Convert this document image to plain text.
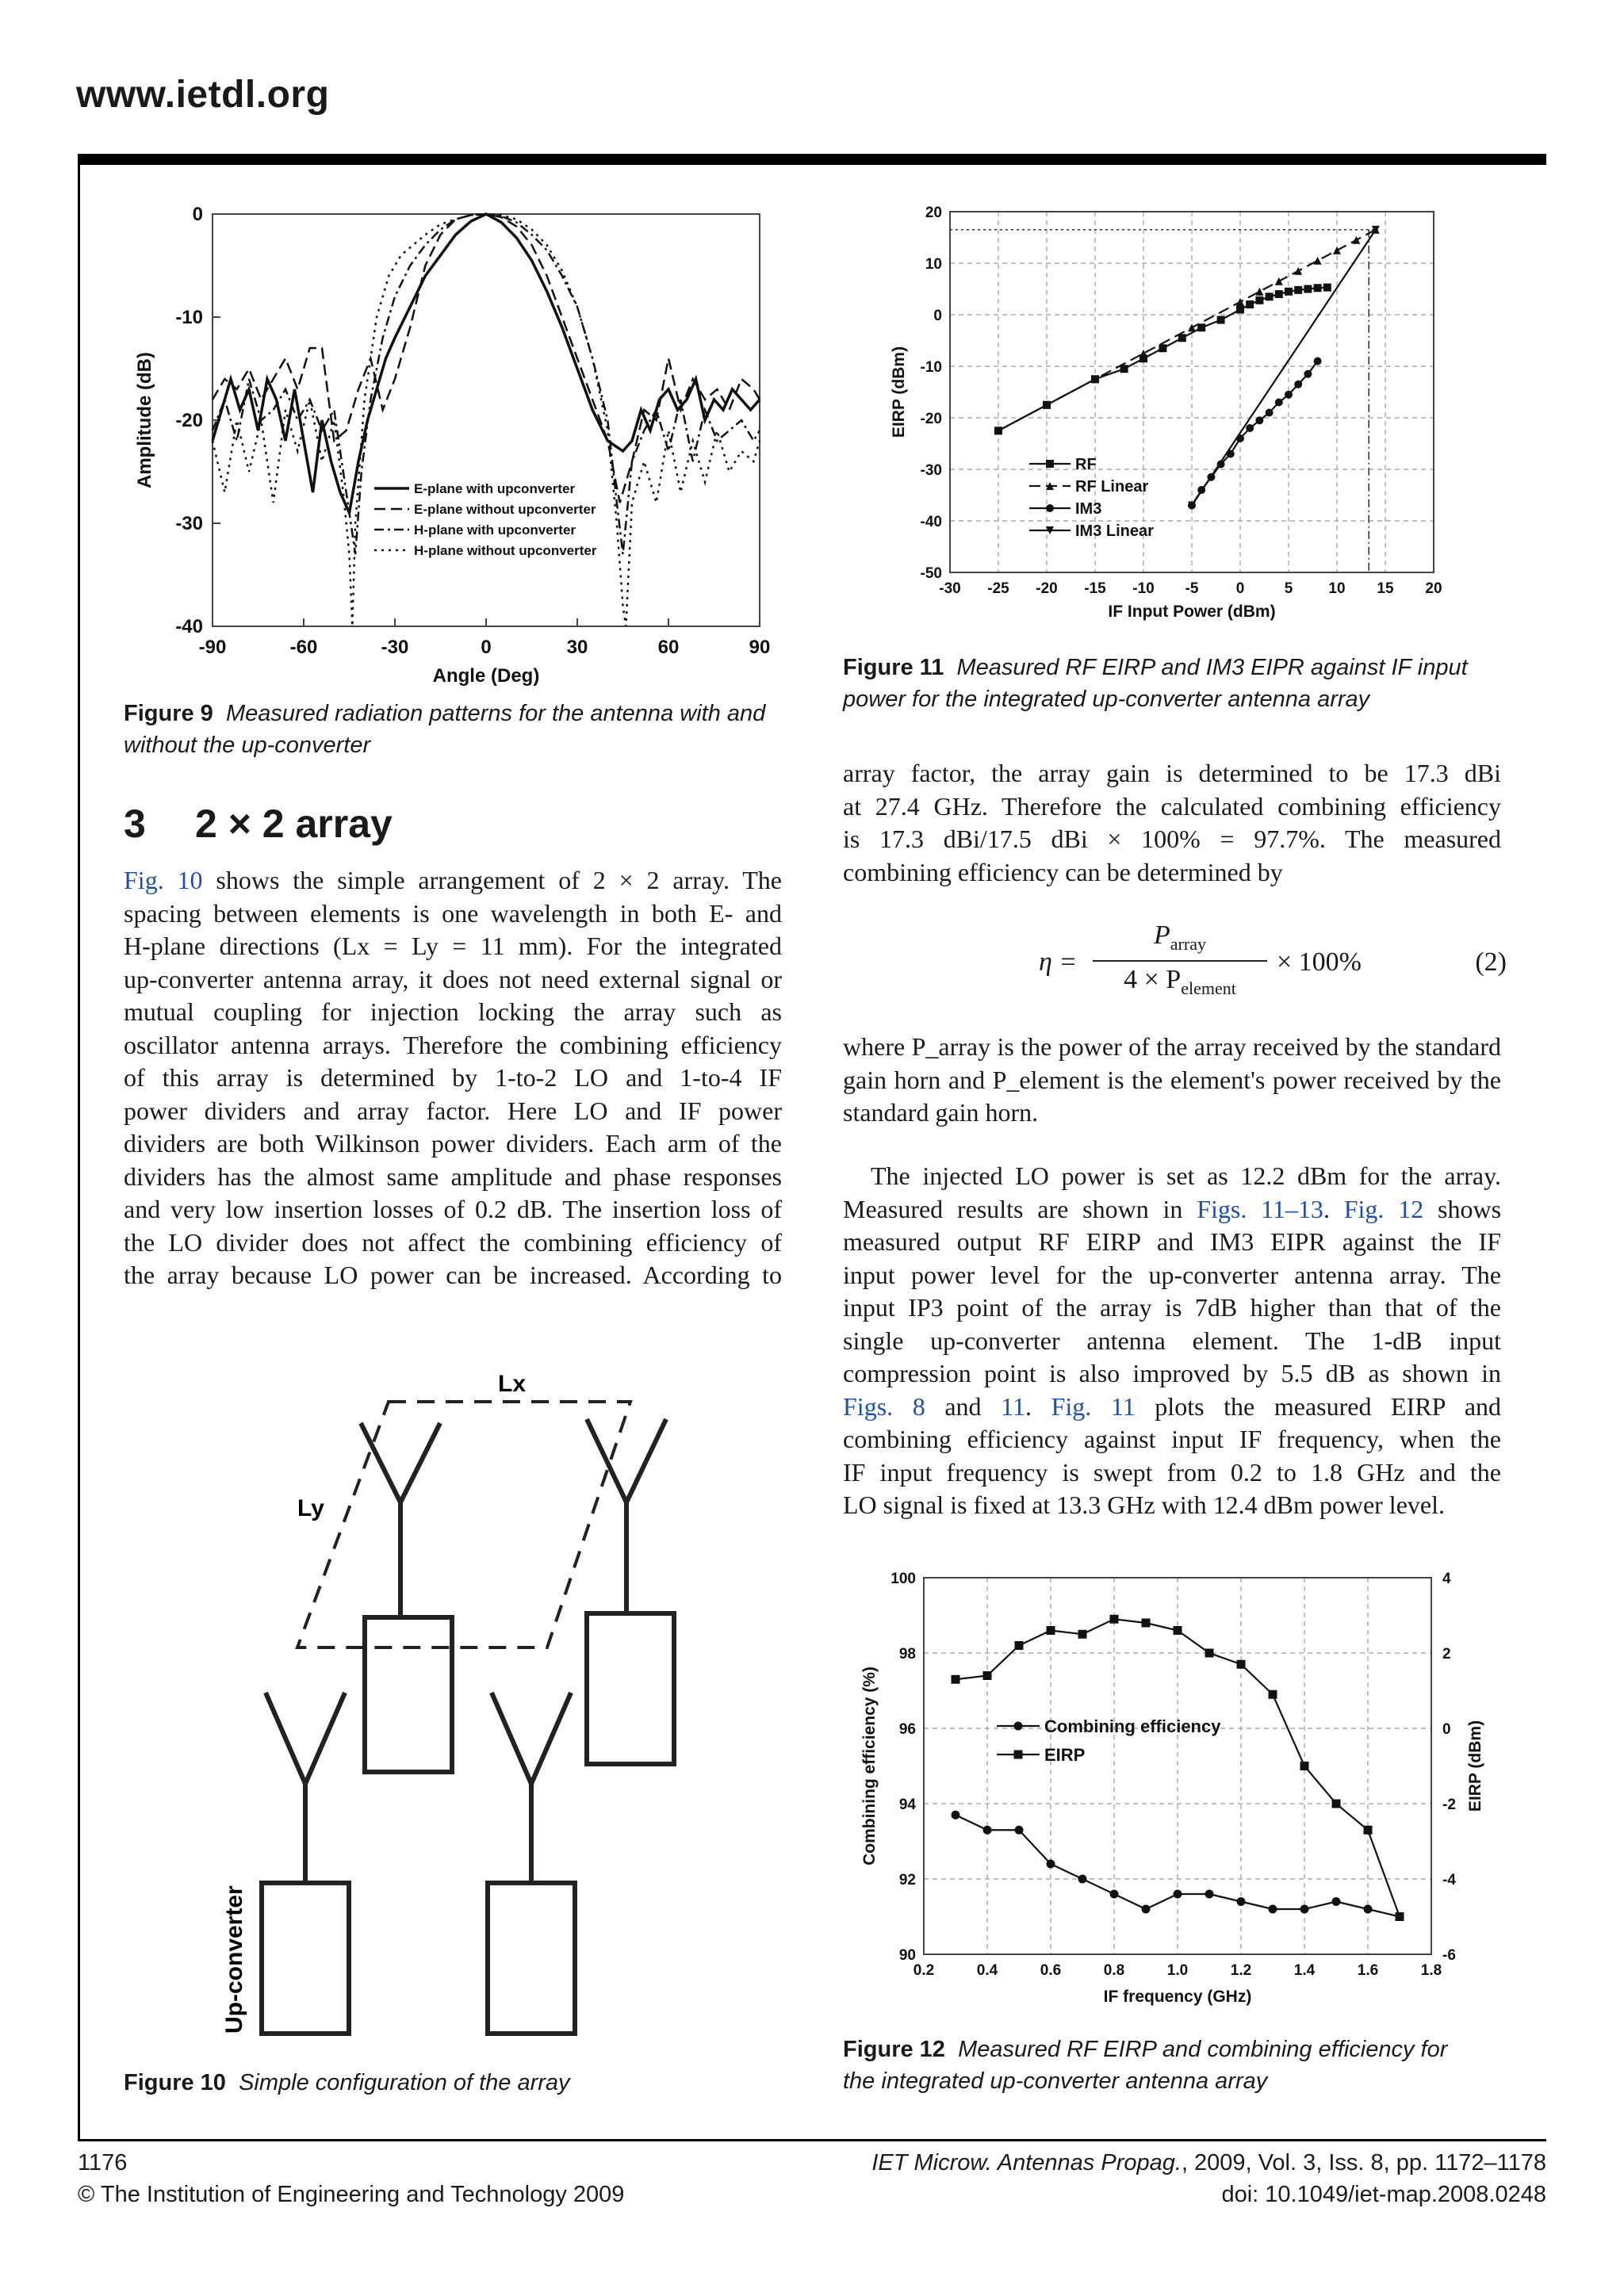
www.ietdl.org
-90	-60	-30	0	30	60	90
0
-10
-20
-30
-40
Angle (Deg)
Amplitude (dB)
E-plane with upconverter
E-plane without upconverter
H-plane with upconverter
H-plane without upconverter
Figure 9 Measured radiation patterns for the antenna with and without the up-converter
3 2 × 2 array
Fig. 10 shows the simple arrangement of 2 × 2 array. The
spacing between elements is one wavelength in both E- and
H-plane directions (Lx = Ly = 11 mm). For the integrated
up-converter antenna array, it does not need external signal or
mutual coupling for injection locking the array such as
oscillator antenna arrays. Therefore the combining efficiency
of this array is determined by 1-to-2 LO and 1-to-4 IF
power dividers and array factor. Here LO and IF power
dividers are both Wilkinson power dividers. Each arm of the
dividers has the almost same amplitude and phase responses
and very low insertion losses of 0.2 dB. The insertion loss of
the LO divider does not affect the combining efficiency of
the array because LO power can be increased. According to
Lx
Ly
Up-converter
Figure 10 Simple configuration of the array
20
10
0
-10
-20
-30
-40
-50
-30 -25 -20 -15 -10 -5 0	5 10 15 20
IF Input Power (dBm)
EIRP (dBm)
RF
RF Linear
IM3
IM3 Linear
Figure 11 Measured RF EIRP and IM3 EIPR against IF input
power for the integrated up-converter antenna array
array factor, the array gain is determined to be 17.3 dBi
at 27.4 GHz. Therefore the calculated combining efficiency
is 17.3 dBi/17.5 dBi × 100% = 97.7%. The measured
combining efficiency can be determined by
η =
$P_{array}$
$4 \times P_{element}$
× 100%	(2)
where P_array is the power of the array received by the standard
gain horn and P_element is the element's power received by the
standard gain horn.
The injected LO power is set as 12.2 dBm for the array.
Measured results are shown in Figs. 11–13. Fig. 12 shows
measured output RF EIRP and IM3 EIPR against the IF
input power level for the up-converter antenna array. The
input IP3 point of the array is 7dB higher than that of the
single up-converter antenna element. The 1-dB input
compression point is also improved by 5.5 dB as shown in
Figs. 8 and 11. Fig. 11 plots the measured EIRP and
combining efficiency against input IF frequency, when the
IF input frequency is swept from 0.2 to 1.8 GHz and the
LO signal is fixed at 13.3 GHz with 12.4 dBm power level.
100
98
96
94
92
90
4
2
0
-2
-4
-6
0.2	0.4	0.6	0.8	1.0	1.2	1.4	1.6	1.8
IF frequency (GHz)
Combining efficiency (%)	EIRP (dBm)
Combining efficiency
EIRP
Figure 12 Measured RF EIRP and combining efficiency for
the integrated up-converter antenna array
1176
© The Institution of Engineering and Technology 2009
IET Microw. Antennas Propag., 2009, Vol. 3, Iss. 8, pp. 1172–1178
doi: 10.1049/iet-map.2008.0248
